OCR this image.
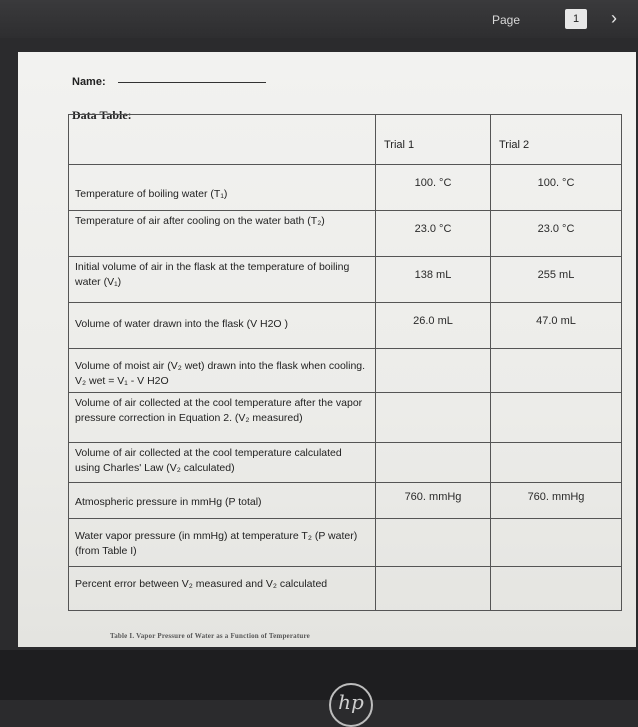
Page	1	›
Name:
Data Table:
	Trial 1	Trial 2
Temperature of boiling water (T₁)	100. °C	100. °C

Temperature of air after cooling on the water bath (T₂)	23.0 °C	23.0 °C

Initial volume of air in the flask at the temperature of boiling water (V₁)	138 mL	255 mL

Volume of water drawn into the flask (V H2O )	26.0 mL	47.0 mL

Volume of moist air (V₂ wet) drawn into the flask when cooling. V₂ wet = V₁ - V H2O	

Volume of air collected at the cool temperature after the vapor pressure correction in Equation 2. (V₂ measured)	

Volume of air collected at the cool temperature calculated using Charles' Law (V₂ calculated)	

Atmospheric pressure in mmHg (P total)	760. mmHg	760. mmHg

Water vapor pressure (in mmHg) at temperature T₂ (P water) (from Table I)	

Percent error between V₂ measured and V₂ calculated	

Table I. Vapor Pressure of Water as a Function of Temperature
hp
